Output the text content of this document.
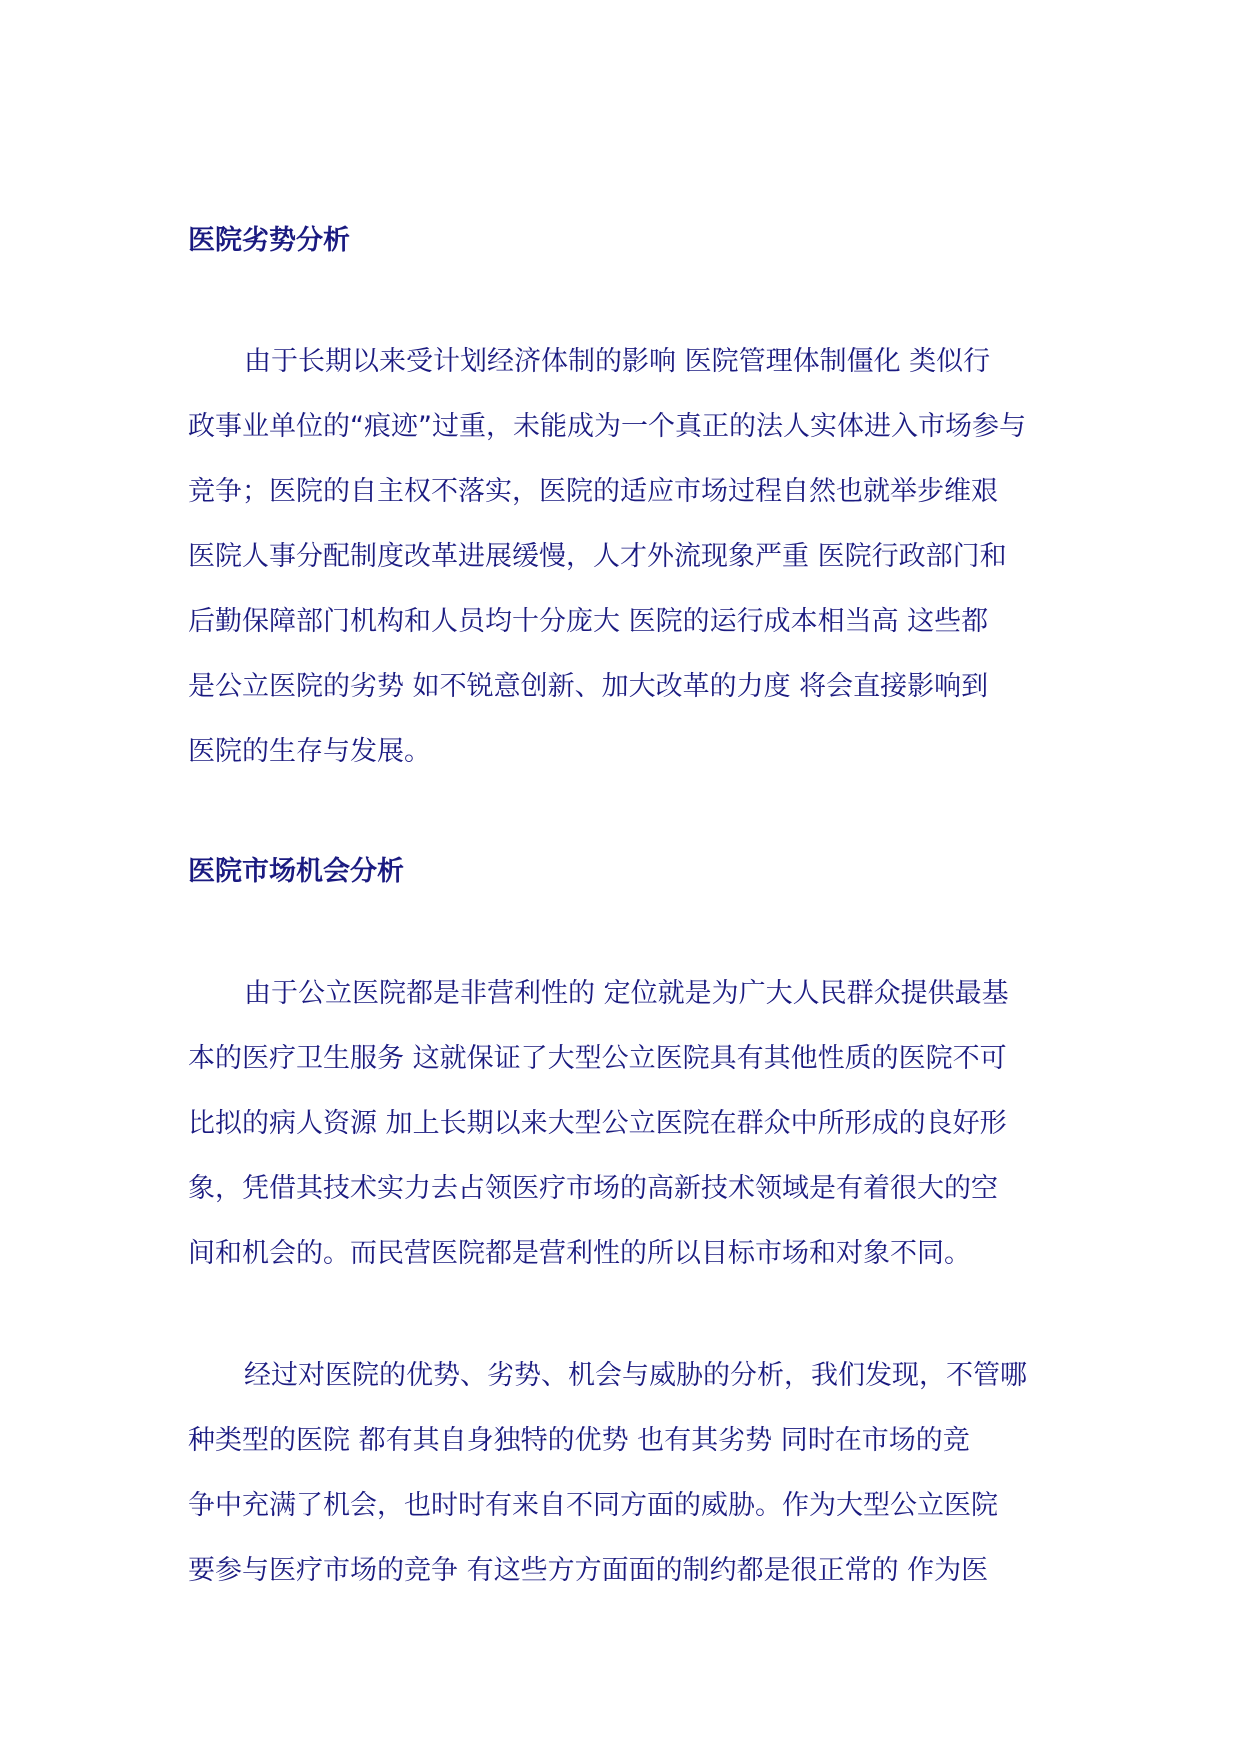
医院劣势分析

由于长期以来受计划经济体制的影响 医院管理体制僵化 类似行

政事业单位的“痕迹”过重，未能成为一个真正的法人实体进入市场参与

竞争；医院的自主权不落实，医院的适应市场过程自然也就举步维艰

医院人事分配制度改革进展缓慢，人才外流现象严重 医院行政部门和

后勤保障部门机构和人员均十分庞大 医院的运行成本相当高 这些都

是公立医院的劣势 如不锐意创新、加大改革的力度 将会直接影响到

医院的生存与发展。

医院市场机会分析

由于公立医院都是非营利性的 定位就是为广大人民群众提供最基

本的医疗卫生服务 这就保证了大型公立医院具有其他性质的医院不可

比拟的病人资源 加上长期以来大型公立医院在群众中所形成的良好形

象，凭借其技术实力去占领医疗市场的高新技术领域是有着很大的空

间和机会的。而民营医院都是营利性的所以目标市场和对象不同。

经过对医院的优势、劣势、机会与威胁的分析，我们发现，不管哪

种类型的医院 都有其自身独特的优势 也有其劣势 同时在市场的竞

争中充满了机会，也时时有来自不同方面的威胁。作为大型公立医院

要参与医疗市场的竞争 有这些方方面面的制约都是很正常的 作为医
